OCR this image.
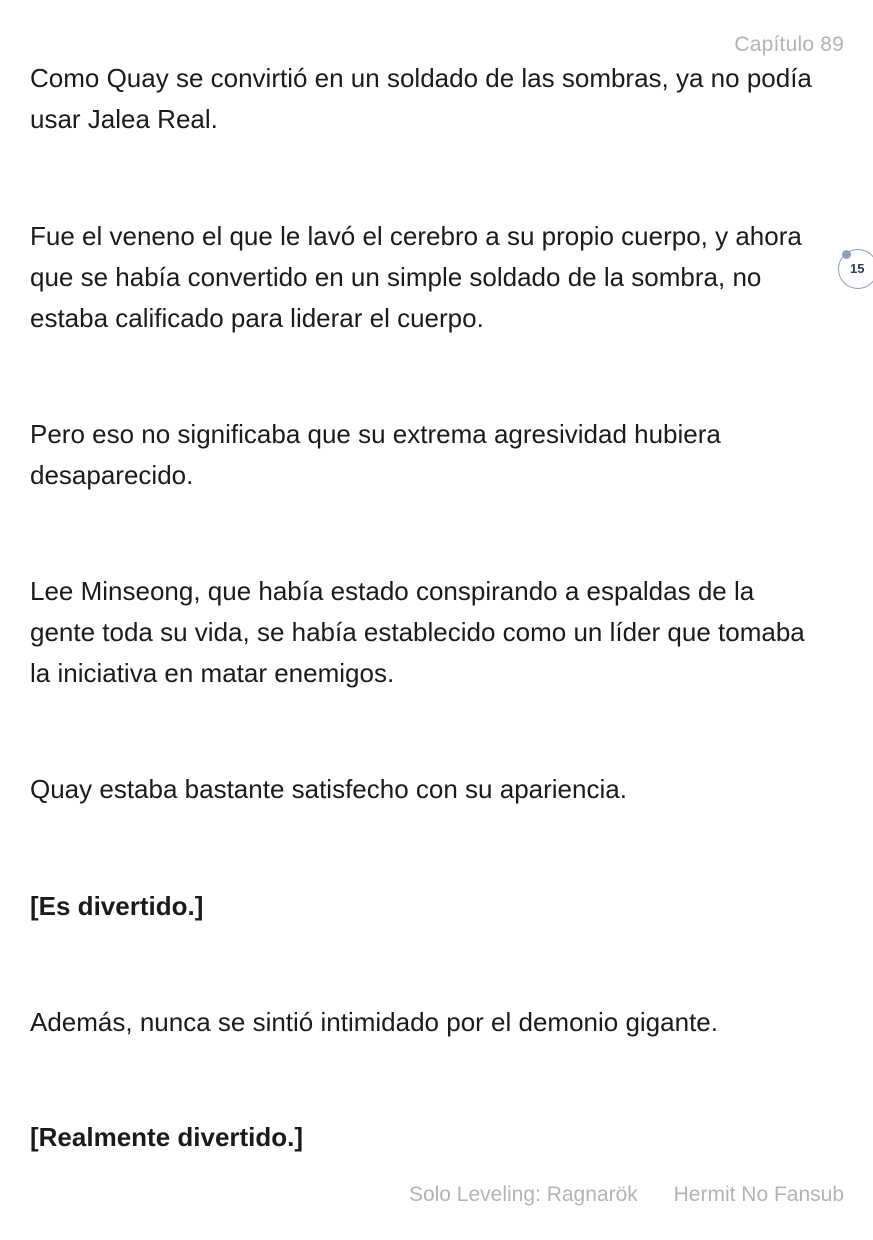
Capítulo 89

Como Quay se convirtió en un soldado de las sombras, ya no podía usar Jalea Real.

Fue el veneno el que le lavó el cerebro a su propio cuerpo, y ahora que se había convertido en un simple soldado de la sombra, no estaba calificado para liderar el cuerpo.

Pero eso no significaba que su extrema agresividad hubiera desaparecido.

Lee Minseong, que había estado conspirando a espaldas de la gente toda su vida, se había establecido como un líder que tomaba la iniciativa en matar enemigos.

Quay estaba bastante satisfecho con su apariencia.

[Es divertido.]

Además, nunca se sintió intimidado por el demonio gigante.

[Realmente divertido.]

15
Solo Leveling: Ragnarök Hermit No Fansub
